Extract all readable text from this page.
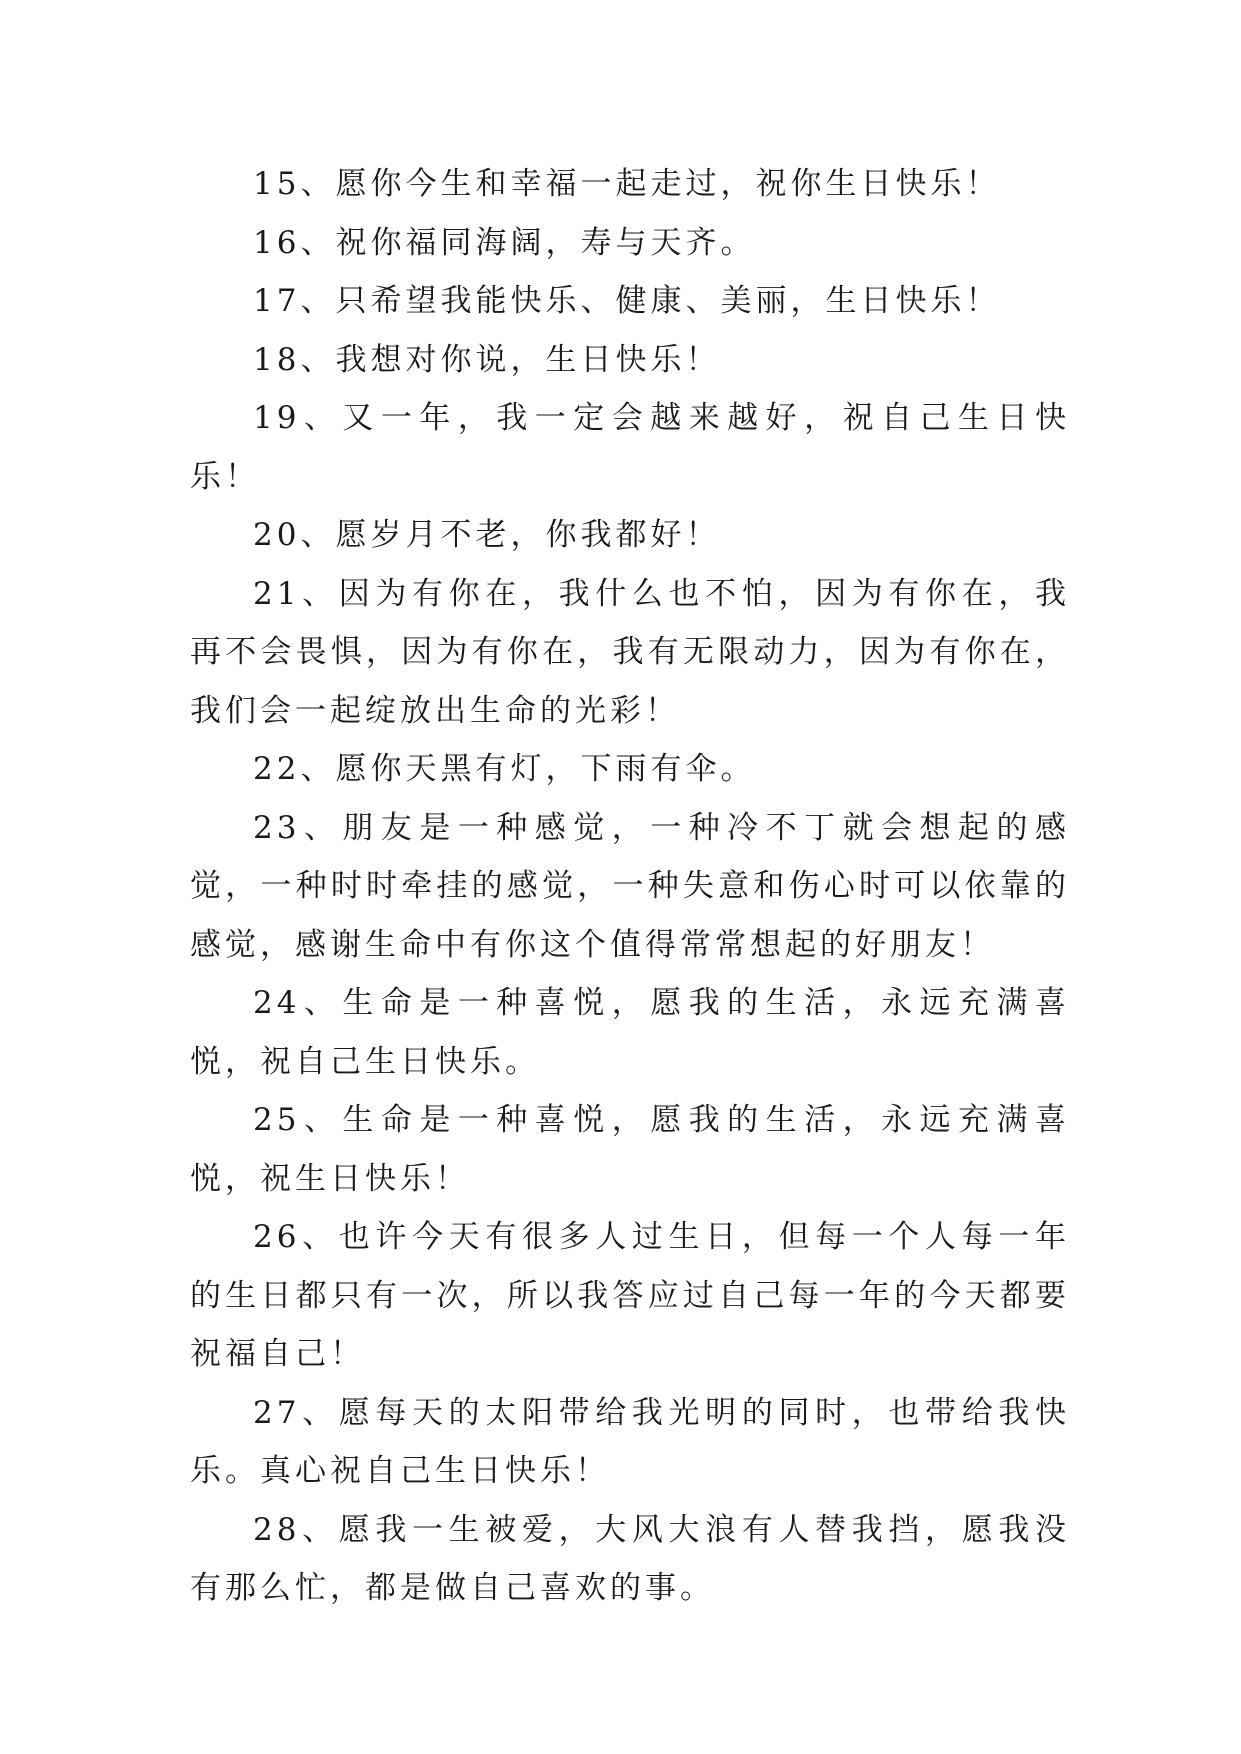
15、愿你今生和幸福一起走过，祝你生日快乐！

16、祝你福同海阔，寿与天齐。

17、只希望我能快乐、健康、美丽，生日快乐！

18、我想对你说，生日快乐！

19、又一年，我一定会越来越好，祝自己生日快乐！

20、愿岁月不老，你我都好！

21、因为有你在，我什么也不怕，因为有你在，我再不会畏惧，因为有你在，我有无限动力，因为有你在，我们会一起绽放出生命的光彩！

22、愿你天黑有灯，下雨有伞。

23、朋友是一种感觉，一种冷不丁就会想起的感觉，一种时时牵挂的感觉，一种失意和伤心时可以依靠的感觉，感谢生命中有你这个值得常常想起的好朋友！

24、生命是一种喜悦，愿我的生活，永远充满喜悦，祝自己生日快乐。

25、生命是一种喜悦，愿我的生活，永远充满喜悦，祝生日快乐！

26、也许今天有很多人过生日，但每一个人每一年的生日都只有一次，所以我答应过自己每一年的今天都要祝福自己！

27、愿每天的太阳带给我光明的同时，也带给我快乐。真心祝自己生日快乐！

28、愿我一生被爱，大风大浪有人替我挡，愿我没有那么忙，都是做自己喜欢的事。
